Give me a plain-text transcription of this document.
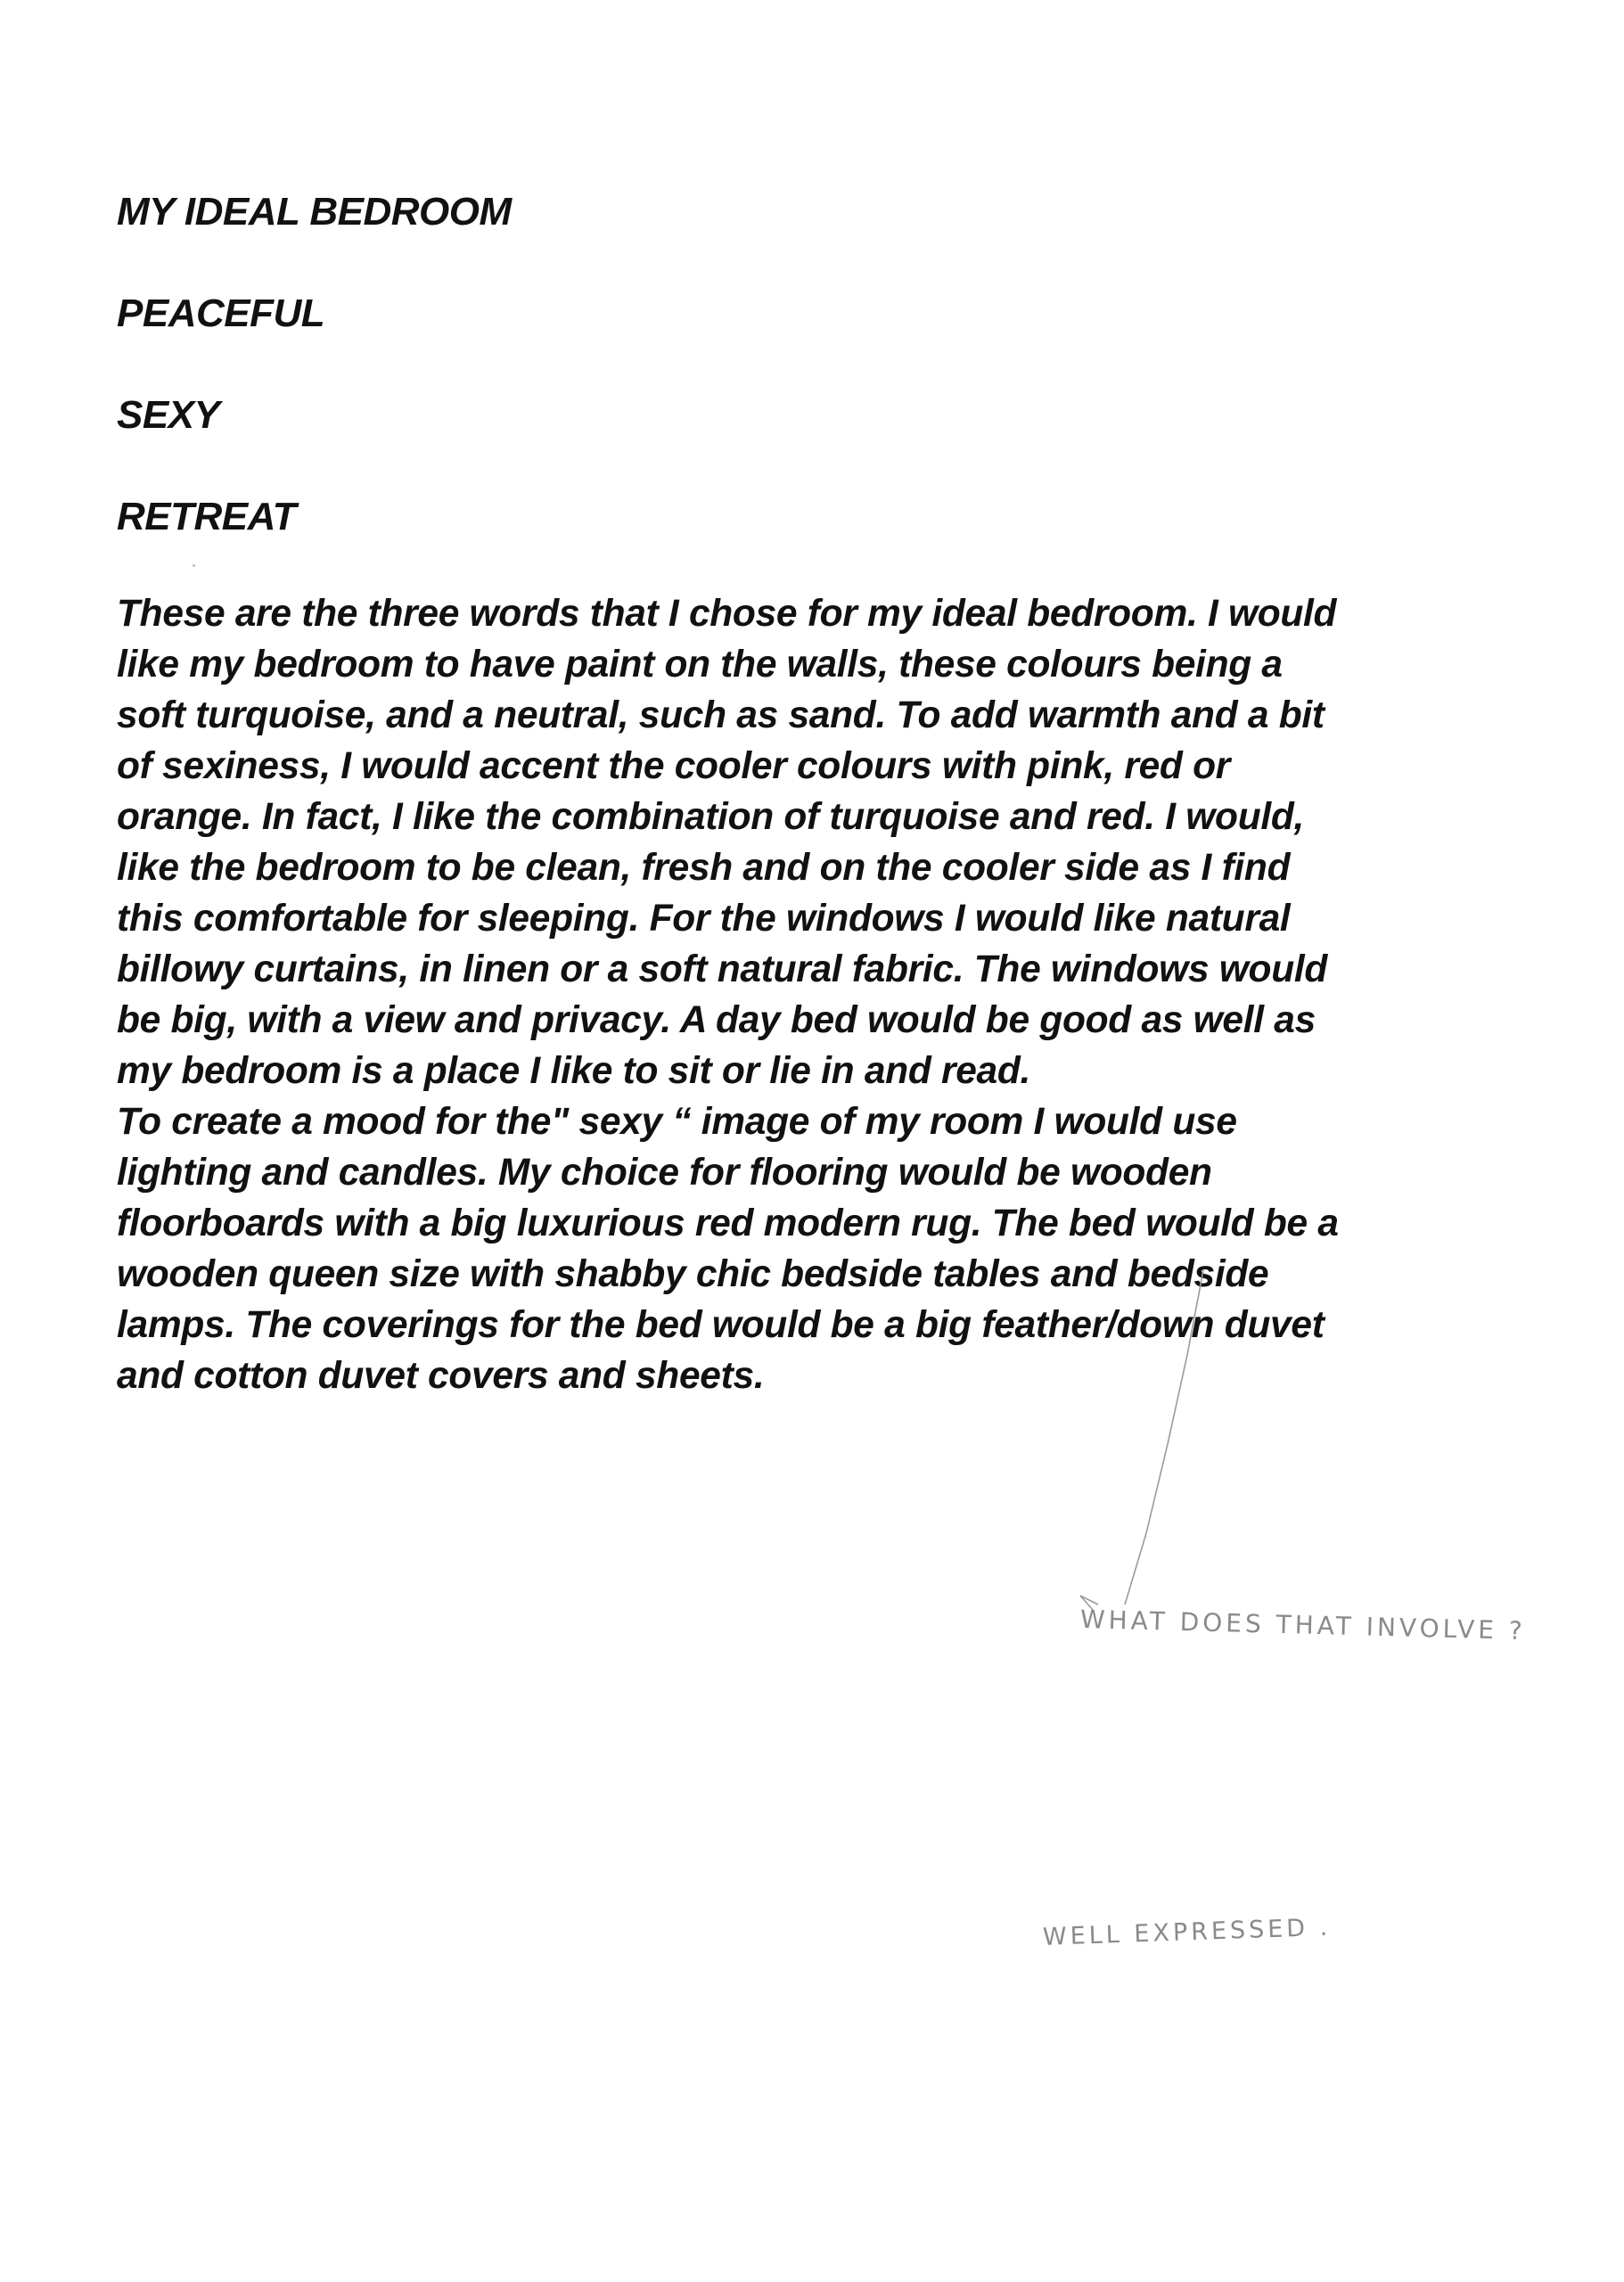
MY IDEAL BEDROOM
PEACEFUL
SEXY
RETREAT
These are the three words that I chose for my ideal bedroom. I would
like my bedroom to have paint on the walls, these colours being a
soft turquoise, and a neutral, such as sand. To add warmth and a bit
of sexiness, I would accent the cooler colours with pink, red or
orange. In fact, I like the combination of turquoise and red. I would,
like the bedroom to be clean, fresh and on the cooler side as I find
this comfortable for sleeping. For the windows I would like natural
billowy curtains, in linen or a soft natural fabric. The windows would
be big, with a view and privacy. A day bed would be good as well as
my bedroom is a place I like to sit or lie in and read.
To create a mood for the" sexy “ image of my room I would use
lighting and candles. My choice for flooring would be wooden
floorboards with a big luxurious red modern rug. The bed would be a
wooden queen size with shabby chic bedside tables and bedside
lamps. The coverings for the bed would be a big feather/down duvet
and cotton duvet covers and sheets.
WHAT DOES THAT INVOLVE ?
WELL EXPRESSED .
